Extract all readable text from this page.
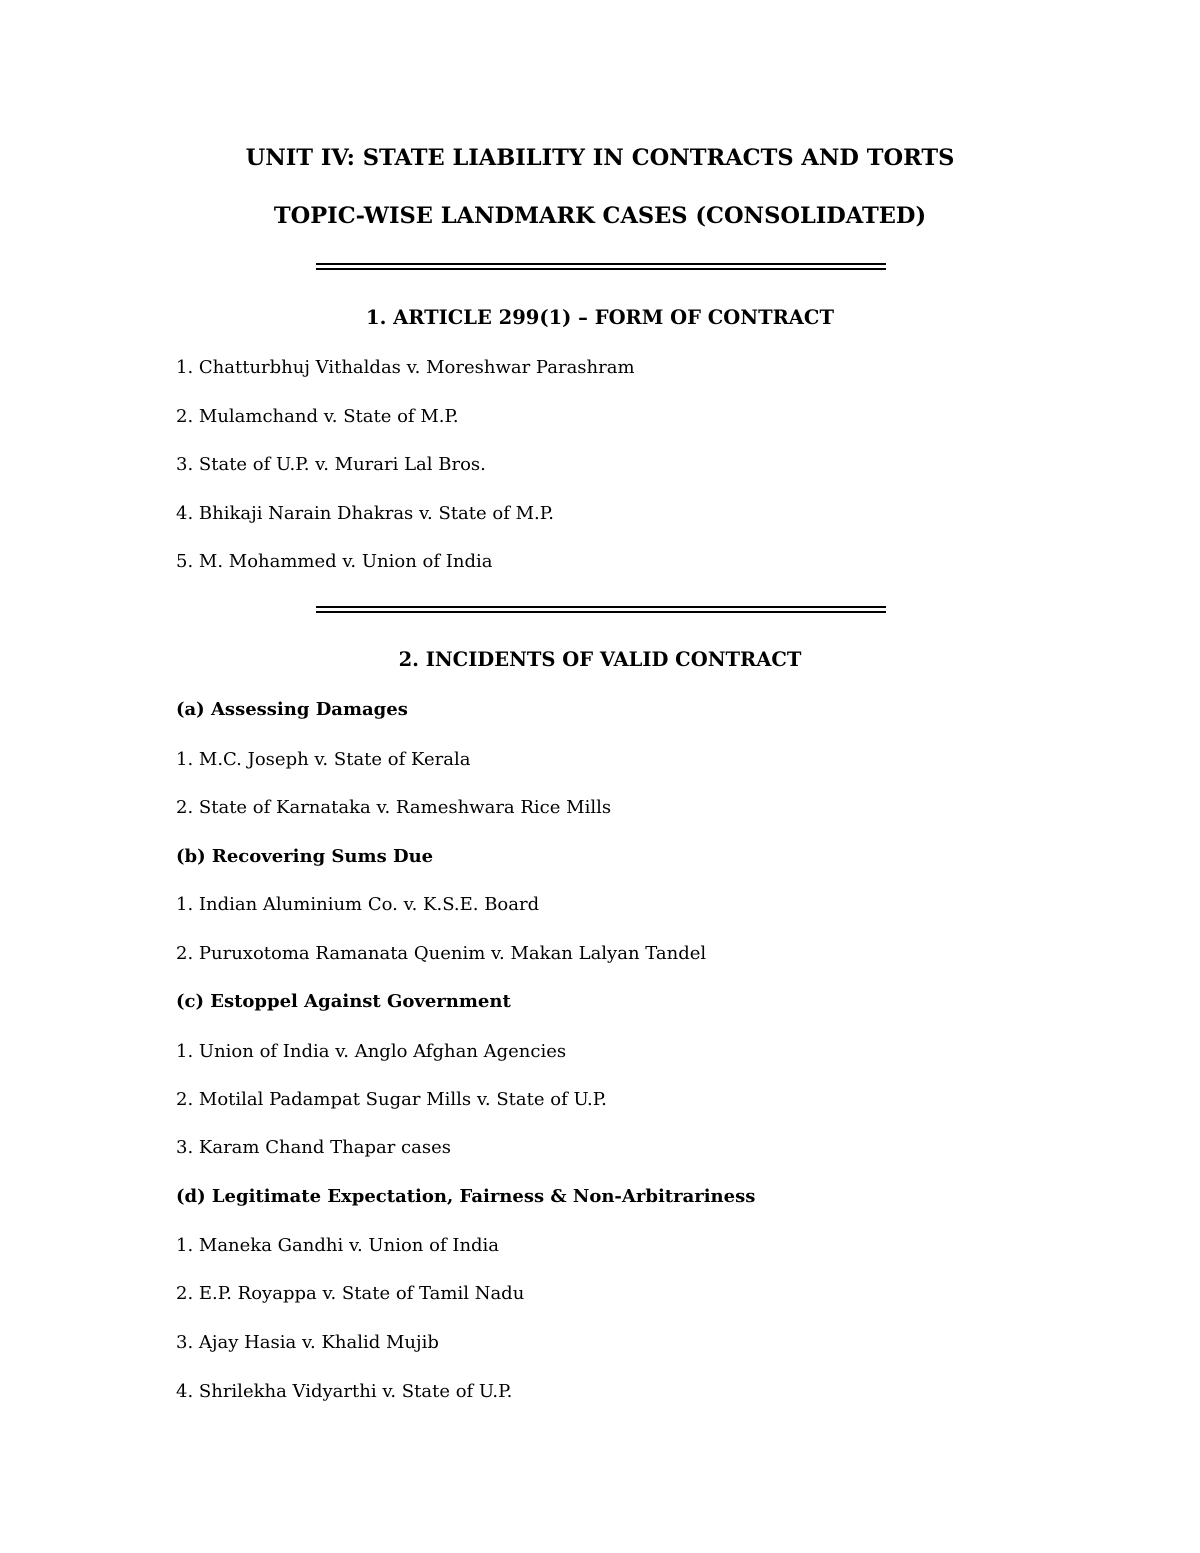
UNIT IV: STATE LIABILITY IN CONTRACTS AND TORTS
TOPIC-WISE LANDMARK CASES (CONSOLIDATED)
1. ARTICLE 299(1) – FORM OF CONTRACT
1. Chatturbhuj Vithaldas v. Moreshwar Parashram
2. Mulamchand v. State of M.P.
3. State of U.P. v. Murari Lal Bros.
4. Bhikaji Narain Dhakras v. State of M.P.
5. M. Mohammed v. Union of India
2. INCIDENTS OF VALID CONTRACT
(a) Assessing Damages
1. M.C. Joseph v. State of Kerala
2. State of Karnataka v. Rameshwara Rice Mills
(b) Recovering Sums Due
1. Indian Aluminium Co. v. K.S.E. Board
2. Puruxotoma Ramanata Quenim v. Makan Lalyan Tandel
(c) Estoppel Against Government
1. Union of India v. Anglo Afghan Agencies
2. Motilal Padampat Sugar Mills v. State of U.P.
3. Karam Chand Thapar cases
(d) Legitimate Expectation, Fairness & Non-Arbitrariness
1. Maneka Gandhi v. Union of India
2. E.P. Royappa v. State of Tamil Nadu
3. Ajay Hasia v. Khalid Mujib
4. Shrilekha Vidyarthi v. State of U.P.
